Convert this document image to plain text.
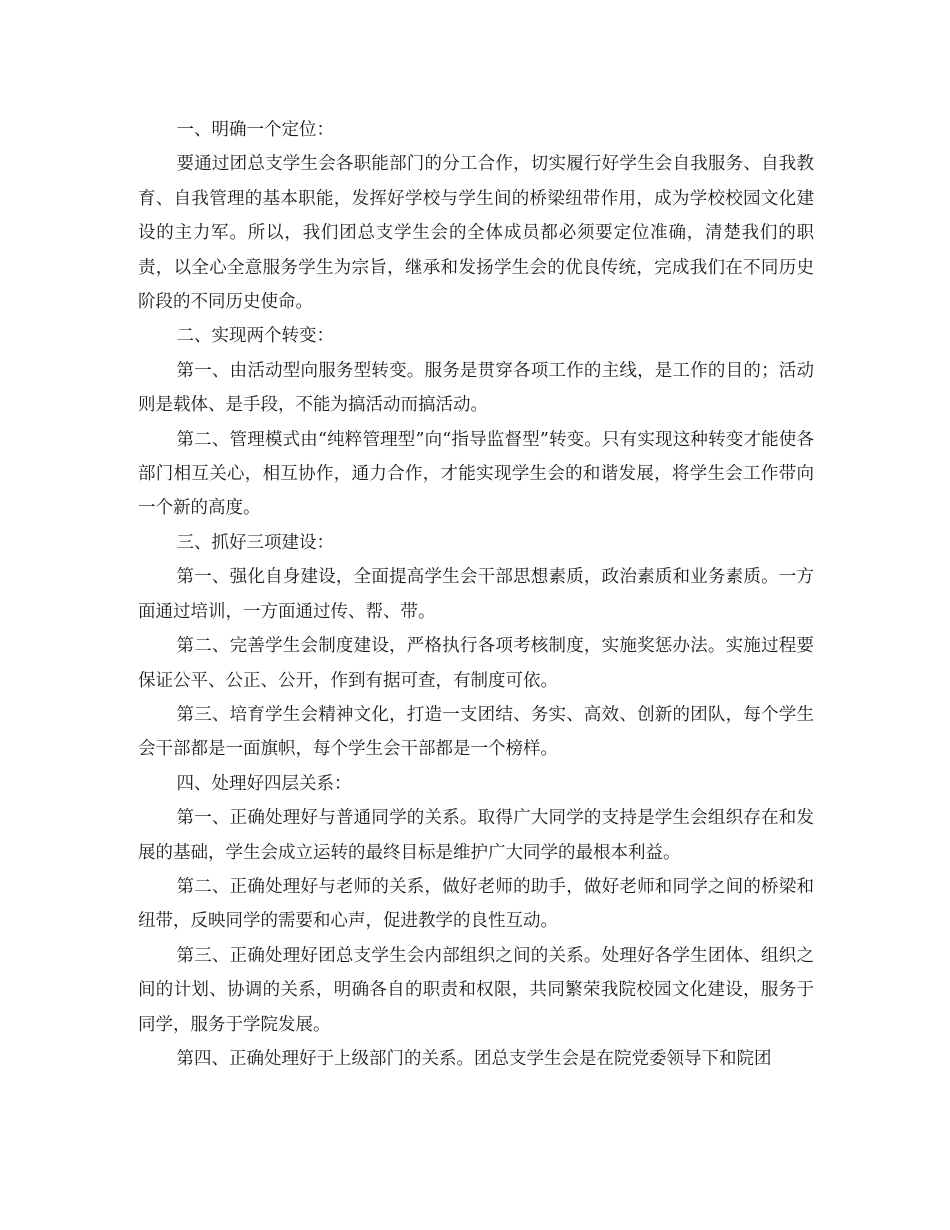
一、明确一个定位：

要通过团总支学生会各职能部门的分工合作，切实履行好学生会自我服务、自我教育、自我管理的基本职能，发挥好学校与学生间的桥梁纽带作用，成为学校校园文化建设的主力军。所以，我们团总支学生会的全体成员都必须要定位准确，清楚我们的职责，以全心全意服务学生为宗旨，继承和发扬学生会的优良传统，完成我们在不同历史阶段的不同历史使命。

二、实现两个转变：

第一、由活动型向服务型转变。服务是贯穿各项工作的主线，是工作的目的；活动则是载体、是手段，不能为搞活动而搞活动。

第二、管理模式由“纯粹管理型”向“指导监督型”转变。只有实现这种转变才能使各部门相互关心，相互协作，通力合作，才能实现学生会的和谐发展，将学生会工作带向一个新的高度。

三、抓好三项建设：

第一、强化自身建设，全面提高学生会干部思想素质，政治素质和业务素质。一方面通过培训，一方面通过传、帮、带。

第二、完善学生会制度建设，严格执行各项考核制度，实施奖惩办法。实施过程要保证公平、公正、公开，作到有据可查，有制度可依。

第三、培育学生会精神文化，打造一支团结、务实、高效、创新的团队，每个学生会干部都是一面旗帜，每个学生会干部都是一个榜样。

四、处理好四层关系：

第一、正确处理好与普通同学的关系。取得广大同学的支持是学生会组织存在和发展的基础，学生会成立运转的最终目标是维护广大同学的最根本利益。

第二、正确处理好与老师的关系，做好老师的助手，做好老师和同学之间的桥梁和纽带，反映同学的需要和心声，促进教学的良性互动。

第三、正确处理好团总支学生会内部组织之间的关系。处理好各学生团体、组织之间的计划、协调的关系，明确各自的职责和权限，共同繁荣我院校园文化建设，服务于同学，服务于学院发展。

第四、正确处理好于上级部门的关系。团总支学生会是在院党委领导下和院团
